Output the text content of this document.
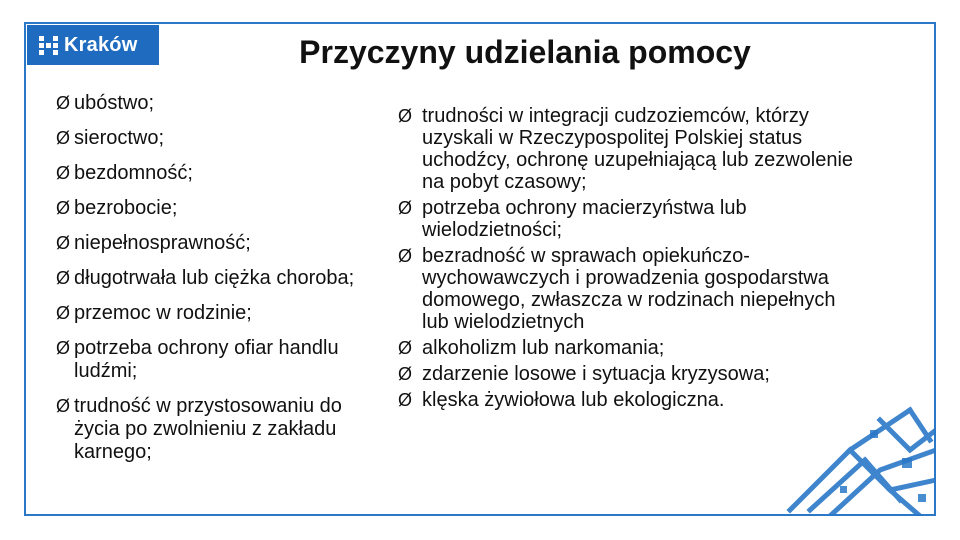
Kraków	Przyczyny udzielania pomocy
Ø ubóstwo;
Ø sieroctwo;
Ø bezdomność;
Ø bezrobocie;
Ø niepełnosprawność;
Ø długotrwała lub ciężka choroba;
Ø przemoc w rodzinie;
Ø potrzeba ochrony ofiar handlu ludźmi;
Ø trudność w przystosowaniu do życia po zwolnieniu z zakładu karnego;
Ø trudności w integracji cudzoziemców, którzy uzyskali w Rzeczypospolitej Polskiej status uchodźcy, ochronę uzupełniającą lub zezwolenie na pobyt czasowy;
Ø potrzeba ochrony macierzyństwa lub wielodzietności;
Ø bezradność w sprawach opiekuńczo-wychowawczych i prowadzenia gospodarstwa domowego, zwłaszcza w rodzinach niepełnych lub wielodzietnych
Ø alkoholizm lub narkomania;
Ø zdarzenie losowe i sytuacja kryzysowa;
Ø klęska żywiołowa lub ekologiczna.
